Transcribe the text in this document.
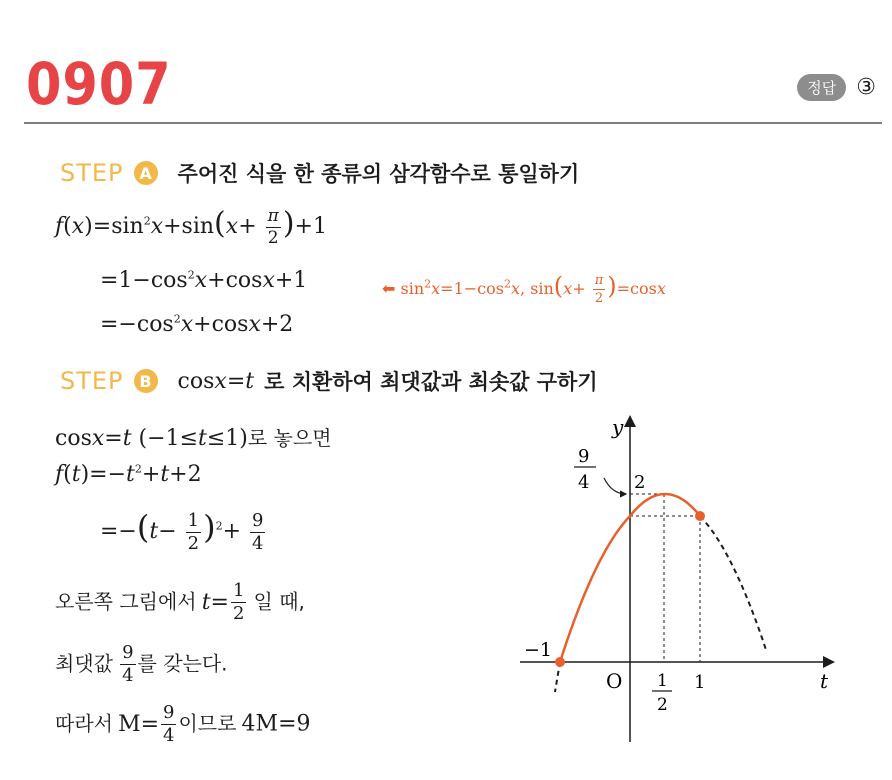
0907	정답 ③
STEP A 주어진 식을 한 종류의 삼각함수로 통일하기
$f(x)=\sin^2x+\sin(x+ \frac{\pi}{2} )+1$
$=1-\cos^2x+\cos x+1$	⬅ $\sin^2x=1-\cos^2x$, $\sin(x+ \frac{\pi}{2} )=\cos x$
$=-\cos^2x+\cos x+2$
STEP B cosx=t 로 치환하여 최댓값과 최솟값 구하기
cosx=t (−1≤t≤1)로 놓으면
$f(t)=-t^2+t+2$
$=-(t- \frac{1}{2} )^2+ \frac{9}{4}$
오른쪽 그림에서 $t= \frac{1}{2}$ 일 때,
최댓값 $\frac{9}{4}$ 를 갖는다.
따라서 $M= \frac{9}{4}$ 이므로 4M=9
y
t
O
9
4 2
−1
1
2
1
